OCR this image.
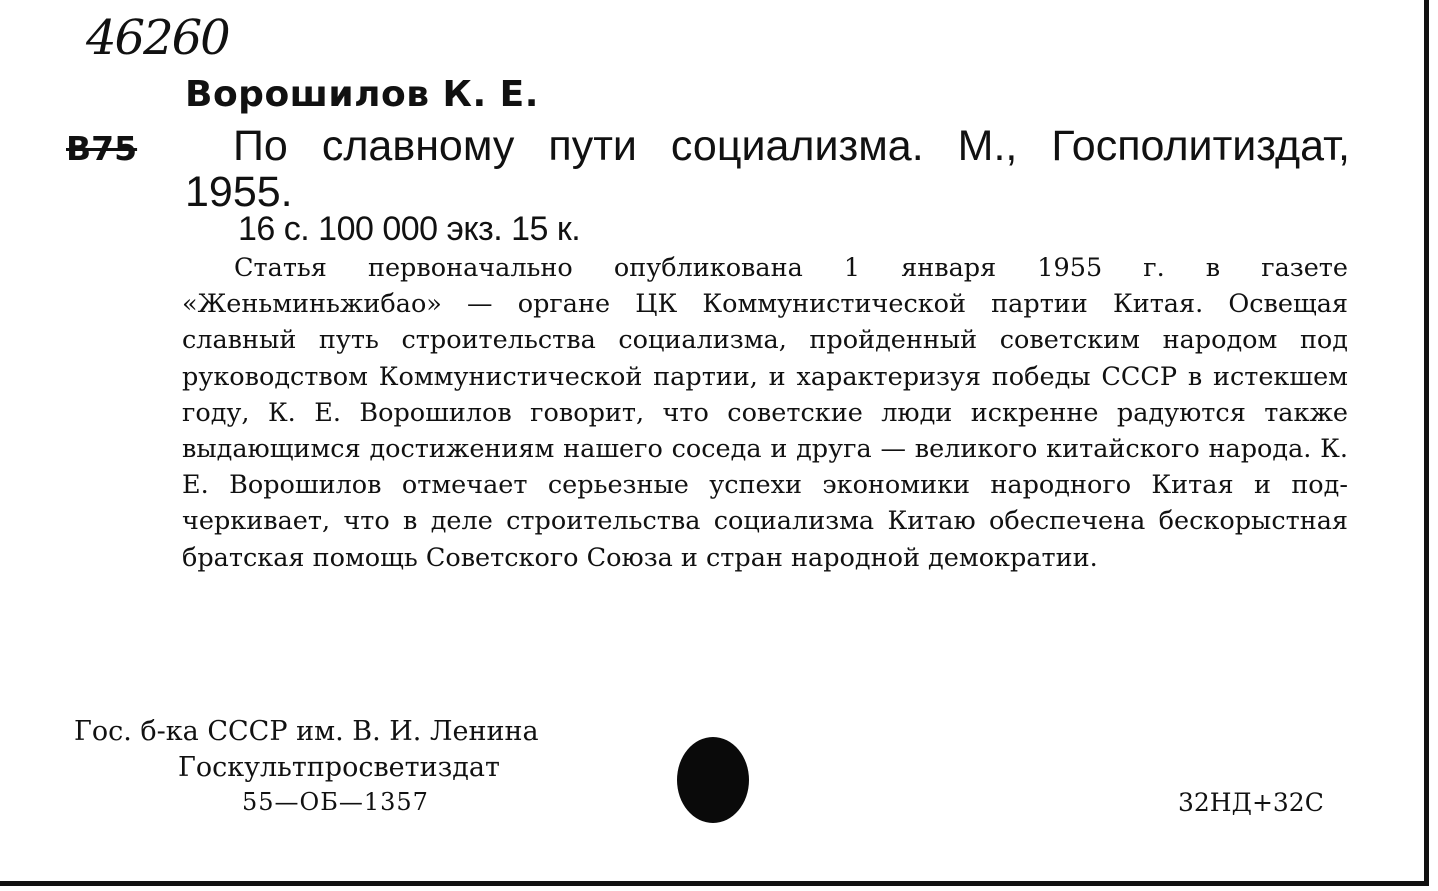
46260
Ворошилов К. Е.
В75	По славному пути социализма. М., Госполитиздат, 1955.
16 с. 100 000 экз. 15 к.
Статья первоначально опубликована 1 января 1955 г. в газете «Женьминьжибао» — органе ЦК Коммунистической партии Китая. Освещая славный путь строительства социализма, пройденный советским народом под руководством Коммунистической партии, и характеризуя победы СССР в истекшем году, К. Е. Ворошилов говорит, что советские люди искренне радуются также выдающимся достижениям нашего соседа и друга — великого китайского народа. К. Е. Ворошилов отмечает серьезные успехи экономики народного Китая и подчеркивает, что в деле строительства социализма Китаю обеспечена бескорыстная братская помощь Советского Союза и стран народной демократии.
Гос. б-ка СССР им. В. И. Ленина
Госкультпросветиздат
55—ОБ—1357	32НД+32С
